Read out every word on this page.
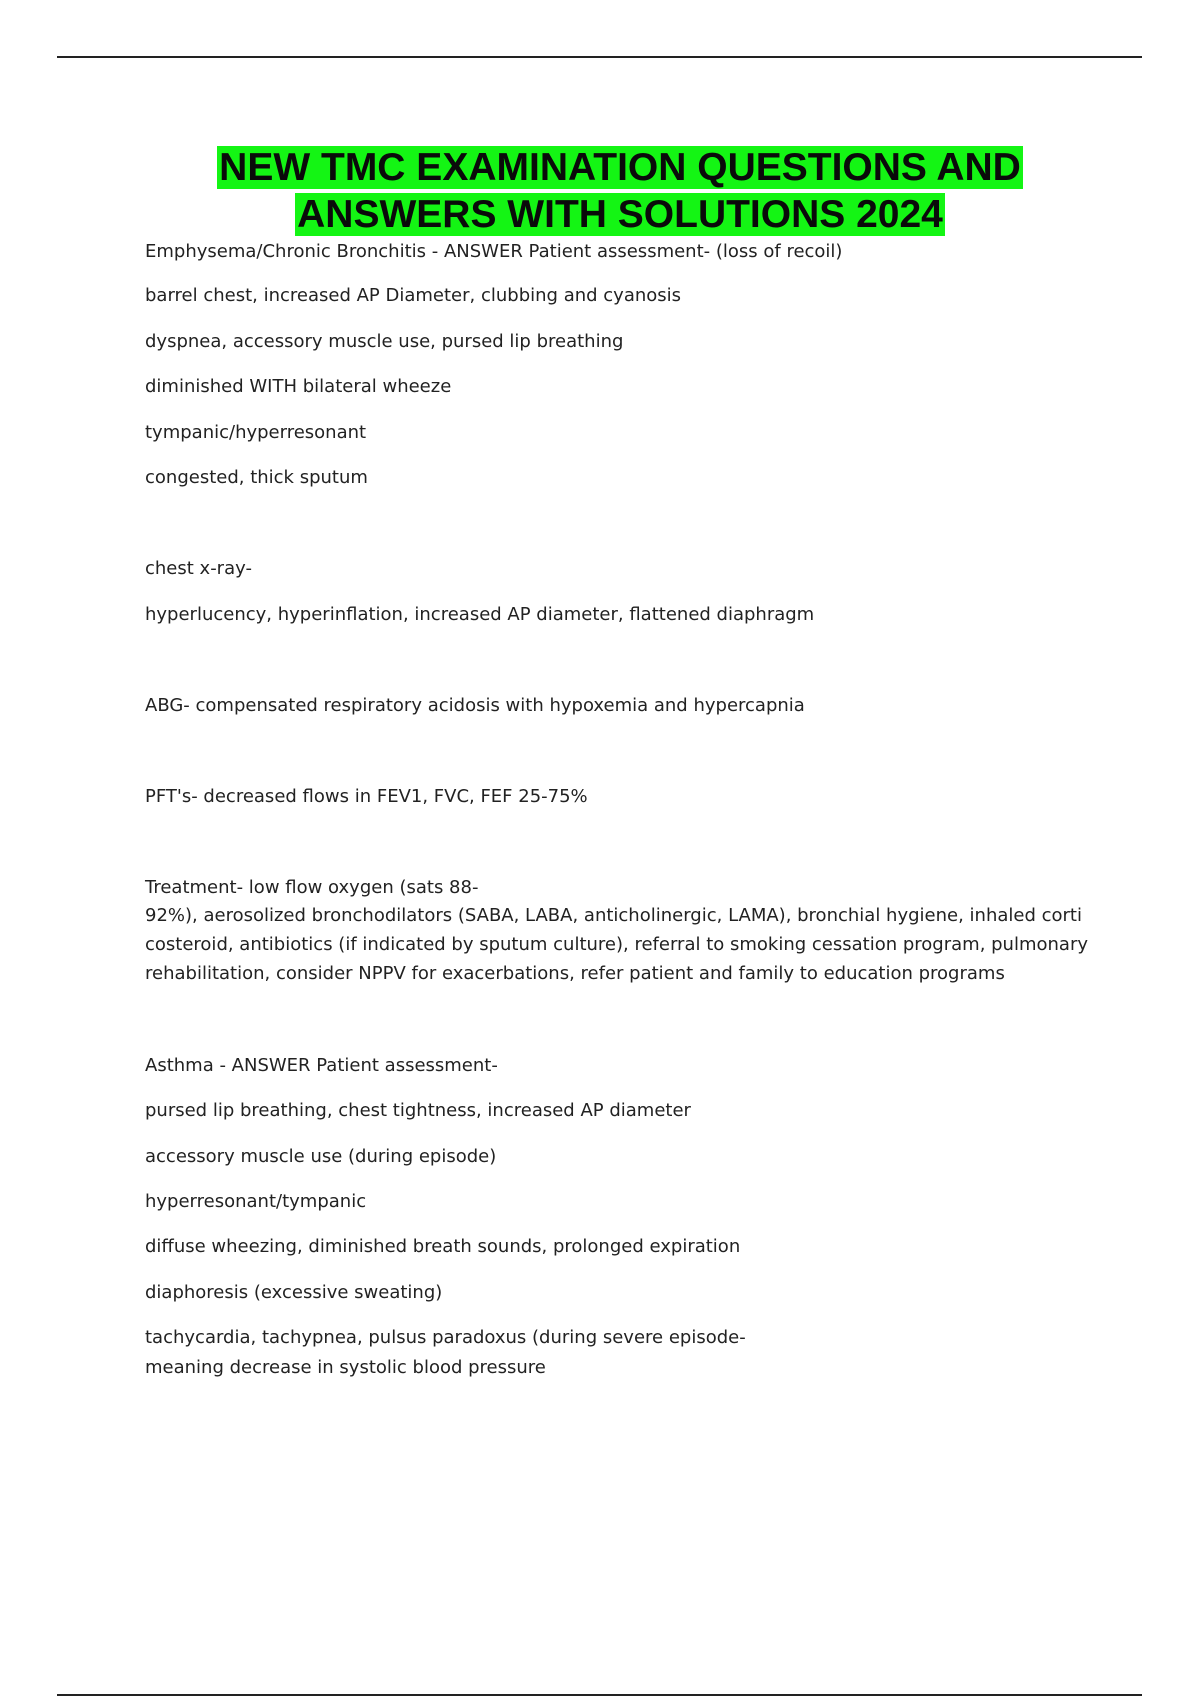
NEW TMC EXAMINATION QUESTIONS AND
ANSWERS WITH SOLUTIONS 2024
Emphysema/Chronic Bronchitis - ANSWER Patient assessment- (loss of recoil)
barrel chest, increased AP Diameter, clubbing and cyanosis
dyspnea, accessory muscle use, pursed lip breathing
diminished WITH bilateral wheeze
tympanic/hyperresonant
congested, thick sputum
chest x-ray-
hyperlucency, hyperinflation, increased AP diameter, flattened diaphragm
ABG- compensated respiratory acidosis with hypoxemia and hypercapnia
PFT's- decreased flows in FEV1, FVC, FEF 25-75%
Treatment- low flow oxygen (sats 88-
92%), aerosolized bronchodilators (SABA, LABA, anticholinergic, LAMA), bronchial hygiene, inhaled corticosteroid, antibiotics (if indicated by sputum culture), referral to smoking cessation program, pulmonary rehabilitation, consider NPPV for exacerbations, refer patient and family to education programs
Asthma - ANSWER Patient assessment-
pursed lip breathing, chest tightness, increased AP diameter
accessory muscle use (during episode)
hyperresonant/tympanic
diffuse wheezing, diminished breath sounds, prolonged expiration
diaphoresis (excessive sweating)
tachycardia, tachypnea, pulsus paradoxus (during severe episode-
meaning decrease in systolic blood pressure
